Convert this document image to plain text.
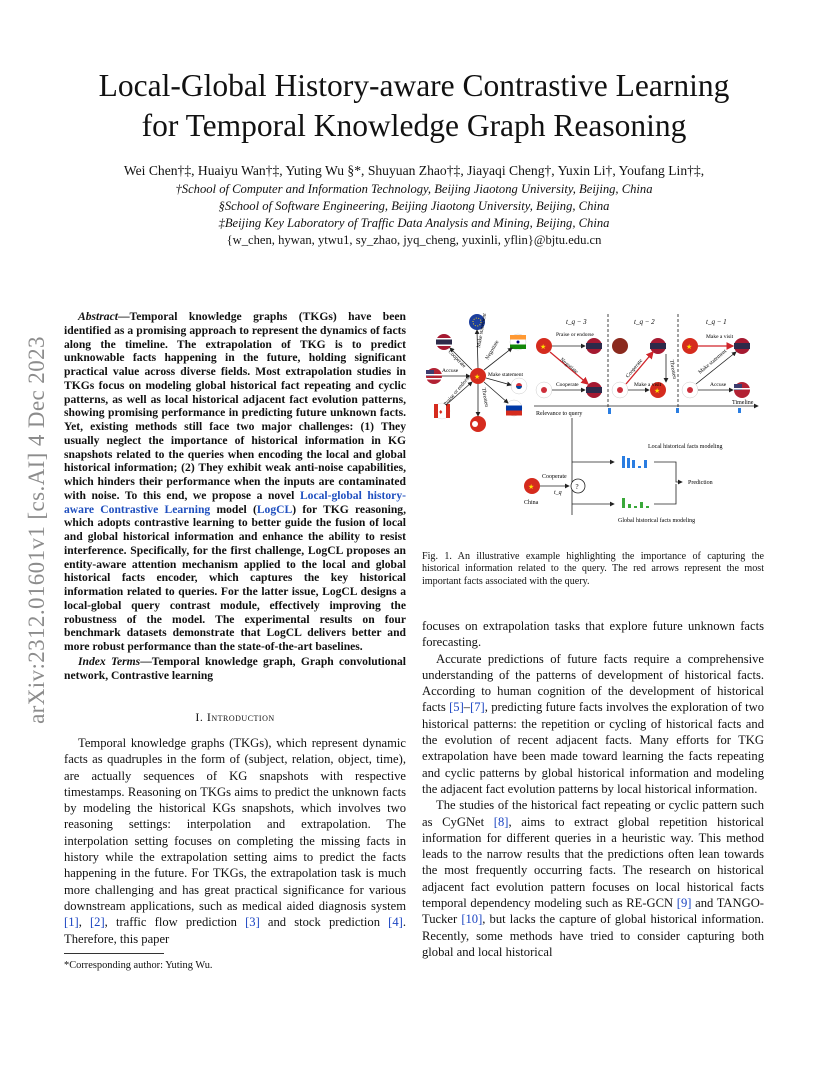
Local-Global History-aware Contrastive Learning
for Temporal Knowledge Graph Reasoning
Wei Chen†‡, Huaiyu Wan†‡, Yuting Wu §*, Shuyuan Zhao†‡, Jiayaqi Cheng†, Yuxin Li†, Youfang Lin†‡,
†School of Computer and Information Technology, Beijing Jiaotong University, Beijing, China
§School of Software Engineering, Beijing Jiaotong University, Beijing, China
‡Beijing Key Laboratory of Traffic Data Analysis and Mining, Beijing, China
{w_chen, hywan, ytwu1, sy_zhao, jyq_cheng, yuxinli, yflin}@bjtu.edu.cn
arXiv:2312.01601v1 [cs.AI] 4 Dec 2023

Abstract—Temporal knowledge graphs (TKGs) have been identified as a promising approach to represent the dynamics of facts along the timeline. The extrapolation of TKG is to predict unknowable facts happening in the future, holding significant practical value across diverse fields. Most extrapolation studies in TKGs focus on modeling global historical fact repeating and cyclic patterns, as well as local historical adjacent fact evolution patterns, showing promising performance in predicting future unknown facts. Yet, existing methods still face two major challenges: (1) They usually neglect the importance of historical information in KG snapshots related to the queries when encoding the local and global historical information; (2) They exhibit weak anti-noise capabilities, which hinders their performance when the inputs are contaminated with noise. To this end, we propose a novel Local-global history-aware Contrastive Learning model (LogCL) for TKG reasoning, which adopts contrastive learning to better guide the fusion of local and global historical information and enhance the ability to resist interference. Specifically, for the first challenge, LogCL proposes an entity-aware attention mechanism applied to the local and global historical facts encoder, which captures the key historical information related to queries. For the latter issue, LogCL designs a local-global query contrast module, effectively improving the robustness of the model. The experimental results on four benchmark datasets demonstrate that LogCL delivers better and more robust performance than the state-of-the-art baselines.

Index Terms—Temporal knowledge graph, Graph convolutional network, Contrastive learning

I. Introduction

Temporal knowledge graphs (TKGs), which represent dynamic facts as quadruples in the form of (subject, relation, object, time), are actually sequences of KG snapshots with respective timestamps. Reasoning on TKGs aims to predict the unknown facts by modeling the historical KGs snapshots, which involves two reasoning settings: interpolation and extrapolation. The interpolation setting focuses on completing the missing facts in history while the extrapolation setting aims to predict the facts happening in the future. For TKGs, the extrapolation task is much more challenging and has great practical significance for various downstream applications, such as medical aided diagnosis system [1], [2], traffic flow prediction [3] and stock prediction [4]. Therefore, this paper

*Corresponding author: Yuting Wu.
t_q − 3	t_q − 2	t_q − 1
★
♦
Make statement
Cooperate	Negotiate
Accuse
Praise or endorse	Make statement
Threaten
★
Praise or endorse
Negotiate
Cooperate
★
Cooperate
Make a visit
Threaten
★
Make a visit
Make statement
Accuse
Timeline
Relevance to query
★
China
Cooperate
t_q
?
Local historical facts modeling
Global historical facts modeling
Prediction
Fig. 1. An illustrative example highlighting the importance of capturing the historical information related to the query. The red arrows represent the most important facts associated with the query.

focuses on extrapolation tasks that explore future unknown facts forecasting.

Accurate predictions of future facts require a comprehensive understanding of the patterns of development of historical facts. According to human cognition of the development of historical facts [5]–[7], predicting future facts involves the exploration of two historical patterns: the repetition or cycling of historical facts and the evolution of recent adjacent facts. Many efforts for TKG extrapolation have been made toward learning the facts repeating and cyclic patterns by global historical information and modeling the adjacent fact evolution patterns by local historical information.

The studies of the historical fact repeating or cyclic pattern such as CyGNet [8], aims to extract global repetition historical information for different queries in a heuristic way. This method leads to the narrow results that the predictions often lean towards the most frequently occurring facts. The research on historical adjacent fact evolution pattern focuses on local historical facts temporal dependency modeling such as RE-GCN [9] and TANGO-Tucker [10], but lacks the capture of global historical information. Recently, some methods have tried to consider capturing both global and local historical
